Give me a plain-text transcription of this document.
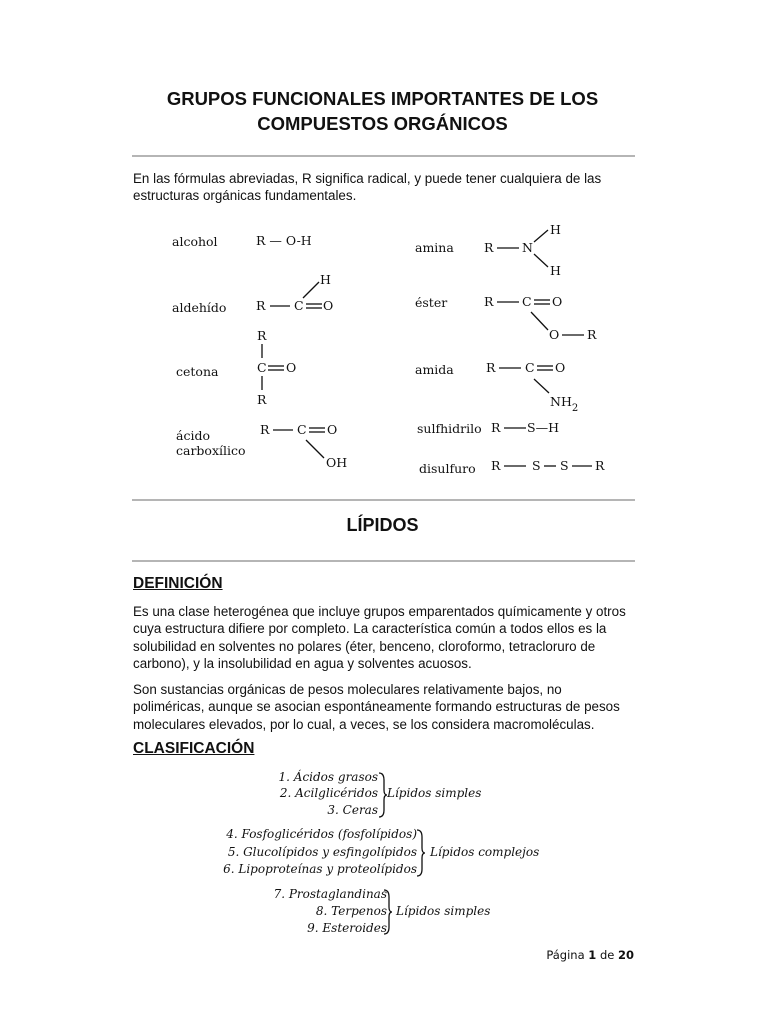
GRUPOS FUNCIONALES IMPORTANTES DE LOS
COMPUESTOS ORGÁNICOS
En las fórmulas abreviadas, R significa radical, y puede tener cualquiera de las estructuras orgánicas fundamentales.
alcohol	R — O-H
aldehído R C O
H
R
cetona	C O
R
ácido
carboxílico
R C O
OH
amina R N
H
H
éster	R C O
O R
amida	R C O
$NH_2$
sulfhidrilo R S—H
disulfuro R	S S R
LÍPIDOS
DEFINICIÓN
Es una clase heterogénea que incluye grupos emparentados químicamente y otros cuya estructura difiere por completo. La característica común a todos ellos es la solubilidad en solventes no polares (éter, benceno, cloroformo, tetracloruro de carbono), y la insolubilidad en agua y solventes acuosos.
Son sustancias orgánicas de pesos moleculares relativamente bajos, no poliméricas, aunque se asocian espontáneamente formando estructuras de pesos moleculares elevados, por lo cual, a veces, se los considera macromoléculas.
CLASIFICACIÓN
1. Ácidos grasos
2. Acilglicéridos
3. Ceras
Lípidos simples
4. Fosfoglicéridos (fosfolípidos)
5. Glucolípidos y esfingolípidos
6. Lipoproteínas y proteolípidos
Lípidos complejos
7. Prostaglandinas
8. Terpenos
9. Esteroides
Lípidos simples
Página 1 de 20
